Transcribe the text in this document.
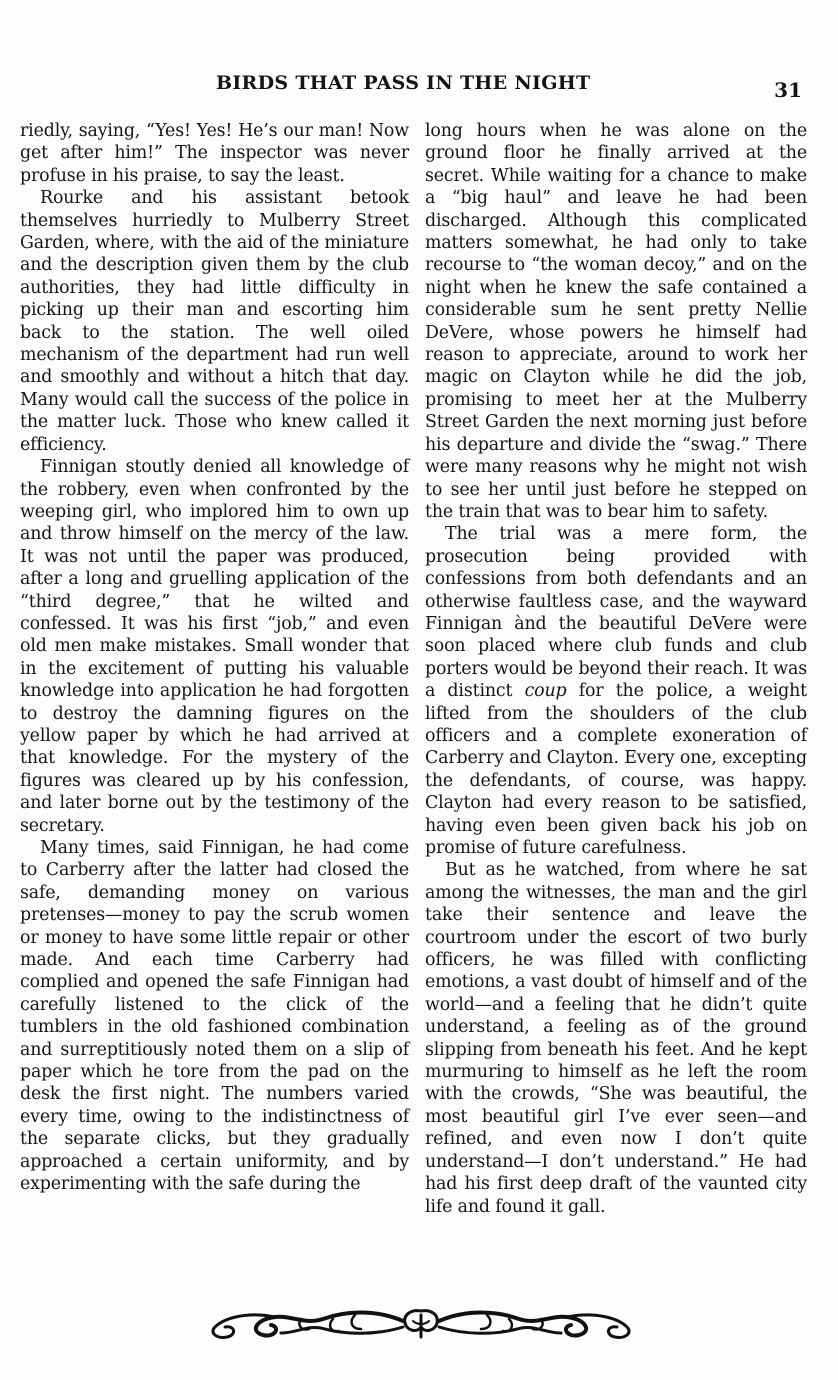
BIRDS THAT PASS IN THE NIGHT	31

riedly, saying, “Yes! Yes! He’s our man! Now get after him!” The inspector was never profuse in his praise, to say the least.

Rourke and his assistant betook themselves hurriedly to Mulberry Street Garden, where, with the aid of the miniature and the description given them by the club authorities, they had little difficulty in picking up their man and escorting him back to the station. The well oiled mechanism of the department had run well and smoothly and without a hitch that day. Many would call the success of the police in the matter luck. Those who knew called it efficiency.

Finnigan stoutly denied all knowledge of the robbery, even when confronted by the weeping girl, who implored him to own up and throw himself on the mercy of the law. It was not until the paper was produced, after a long and gruelling application of the “third degree,” that he wilted and confessed. It was his first “job,” and even old men make mistakes. Small wonder that in the excitement of putting his valuable knowledge into application he had forgotten to destroy the damning figures on the yellow paper by which he had arrived at that knowledge. For the mystery of the figures was cleared up by his confession, and later borne out by the testimony of the secretary.

Many times, said Finnigan, he had come to Carberry after the latter had closed the safe, demanding money on various pretenses—money to pay the scrub women or money to have some little repair or other made. And each time Carberry had complied and opened the safe Finnigan had carefully listened to the click of the tumblers in the old fashioned combination and surreptitiously noted them on a slip of paper which he tore from the pad on the desk the first night. The numbers varied every time, owing to the indistinctness of the separate clicks, but they gradually approached a certain uniformity, and by experimenting with the safe during the

long hours when he was alone on the ground floor he finally arrived at the secret. While waiting for a chance to make a “big haul” and leave he had been discharged. Although this complicated matters somewhat, he had only to take recourse to “the woman decoy,” and on the night when he knew the safe contained a considerable sum he sent pretty Nellie DeVere, whose powers he himself had reason to appreciate, around to work her magic on Clayton while he did the job, promising to meet her at the Mulberry Street Garden the next morning just before his departure and divide the “swag.” There were many reasons why he might not wish to see her until just before he stepped on the train that was to bear him to safety.

The trial was a mere form, the prosecution being provided with confessions from both defendants and an otherwise faultless case, and the wayward Finnigan ànd the beautiful DeVere were soon placed where club funds and club porters would be beyond their reach. It was a distinct coup for the police, a weight lifted from the shoulders of the club officers and a complete exoneration of Carberry and Clayton. Every one, excepting the defendants, of course, was happy. Clayton had every reason to be satisfied, having even been given back his job on promise of future carefulness.

But as he watched, from where he sat among the witnesses, the man and the girl take their sentence and leave the courtroom under the escort of two burly officers, he was filled with conflicting emotions, a vast doubt of himself and of the world—and a feeling that he didn’t quite understand, a feeling as of the ground slipping from beneath his feet. And he kept murmuring to himself as he left the room with the crowds, “She was beautiful, the most beautiful girl I’ve ever seen—and refined, and even now I don’t quite understand—I don’t understand.” He had had his first deep draft of the vaunted city life and found it gall.
